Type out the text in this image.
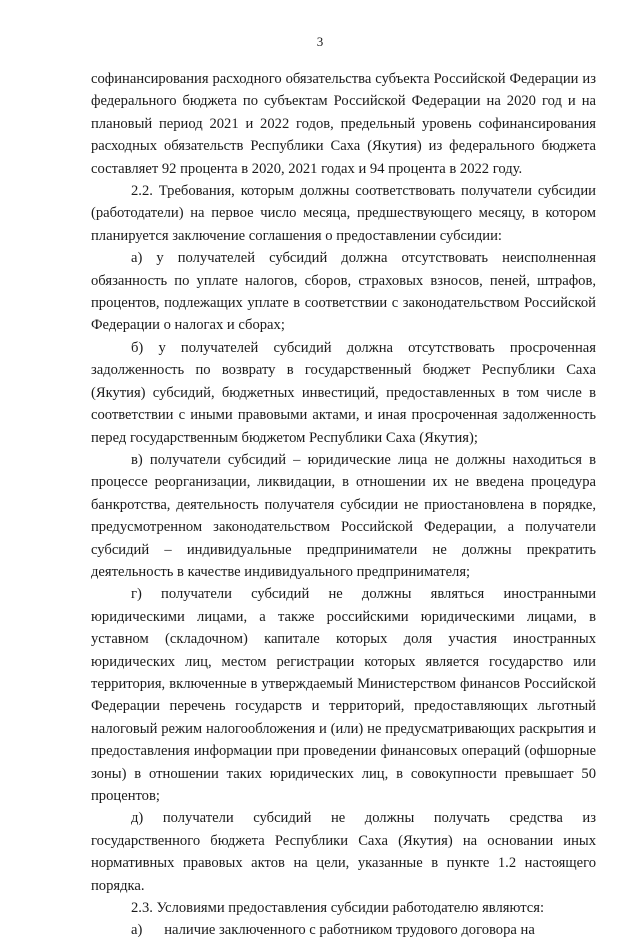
3

софинансирования расходного обязательства субъекта Российской Федерации из федерального бюджета по субъектам Российской Федерации на 2020 год и на плановый период 2021 и 2022 годов, предельный уровень софинансирования расходных обязательств Республики Саха (Якутия) из федерального бюджета составляет 92 процента в 2020, 2021 годах и 94 процента в 2022 году.

2.2. Требования, которым должны соответствовать получатели субсидии (работодатели) на первое число месяца, предшествующего месяцу, в котором планируется заключение соглашения о предоставлении субсидии:

а) у получателей субсидий должна отсутствовать неисполненная обязанность по уплате налогов, сборов, страховых взносов, пеней, штрафов, процентов, подлежащих уплате в соответствии с законодательством Российской Федерации о налогах и сборах;

б) у получателей субсидий должна отсутствовать просроченная задолженность по возврату в государственный бюджет Республики Саха (Якутия) субсидий, бюджетных инвестиций, предоставленных в том числе в соответствии с иными правовыми актами, и иная просроченная задолженность перед государственным бюджетом Республики Саха (Якутия);

в) получатели субсидий – юридические лица не должны находиться в процессе реорганизации, ликвидации, в отношении их не введена процедура банкротства, деятельность получателя субсидии не приостановлена в порядке, предусмотренном законодательством Российской Федерации, а получатели субсидий – индивидуальные предприниматели не должны прекратить деятельность в качестве индивидуального предпринимателя;

г) получатели субсидий не должны являться иностранными юридическими лицами, а также российскими юридическими лицами, в уставном (складочном) капитале которых доля участия иностранных юридических лиц, местом регистрации которых является государство или территория, включенные в утверждаемый Министерством финансов Российской Федерации перечень государств и территорий, предоставляющих льготный налоговый режим налогообложения и (или) не предусматривающих раскрытия и предоставления информации при проведении финансовых операций (офшорные зоны) в отношении таких юридических лиц, в совокупности превышает 50 процентов;

д) получатели субсидий не должны получать средства из государственного бюджета Республики Саха (Якутия) на основании иных нормативных правовых актов на цели, указанные в пункте 1.2 настоящего порядка.

2.3. Условиями предоставления субсидии работодателю являются:

а)      наличие заключенного с работником трудового договора на
